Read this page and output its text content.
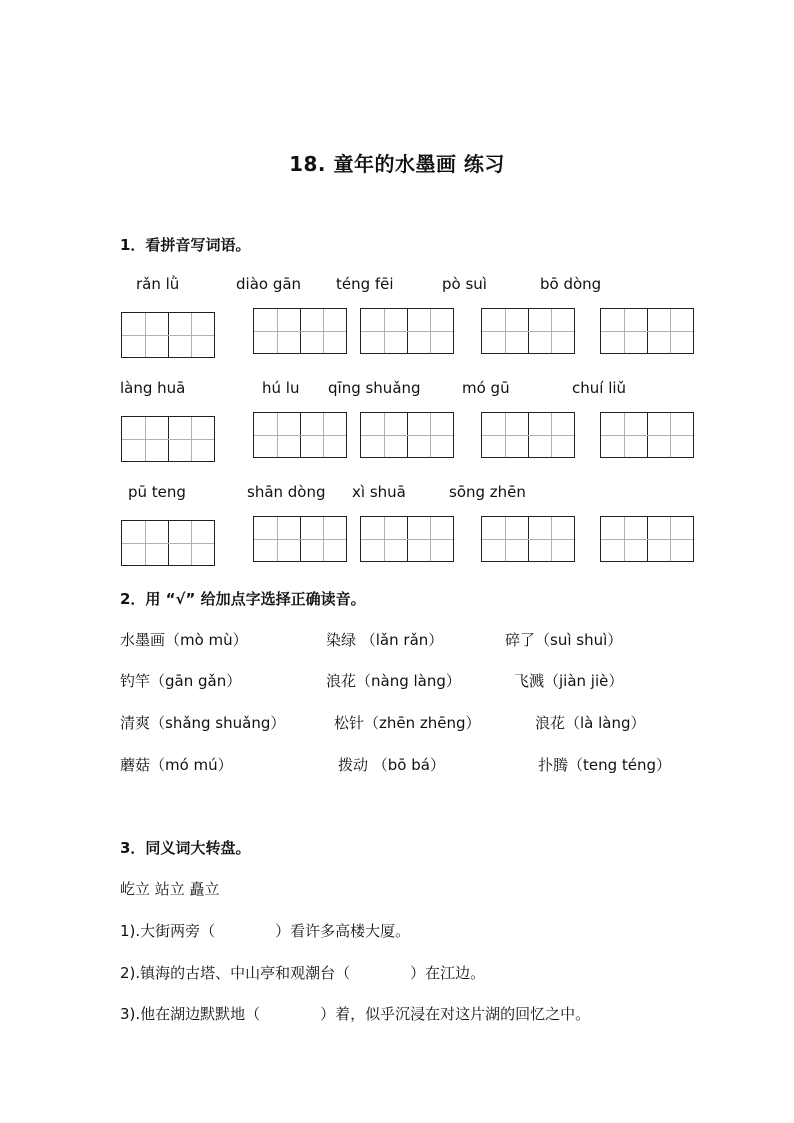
18. 童年的水墨画 练习
1．看拼音写词语。
rǎn lǜ	diào gān téng fēi	pò suì	bō dòng
làng huā	hú lu qīng shuǎng	mó gū	chuí liǔ
pū teng	shān dòng xì shuā	sōng zhēn
2．用 “√” 给加点字选择正确读音。
水墨画（mò mù）	染绿 （lǎn rǎn）	碎了（suì shuì）
钓竿（gān gǎn）	浪花（nàng làng）	飞溅（jiàn jiè）
清爽（shǎng shuǎng）	松针（zhēn zhēng）	浪花（là làng）
蘑菇（mó mú）	拨动 （bō bá）	扑腾（teng téng）
3．同义词大转盘。
屹立 站立 矗立
1).大街两旁（	）看许多高楼大厦。
2).镇海的古塔、中山亭和观潮台（	）在江边。
3).他在湖边默默地（	）着，似乎沉浸在对这片湖的回忆之中。
